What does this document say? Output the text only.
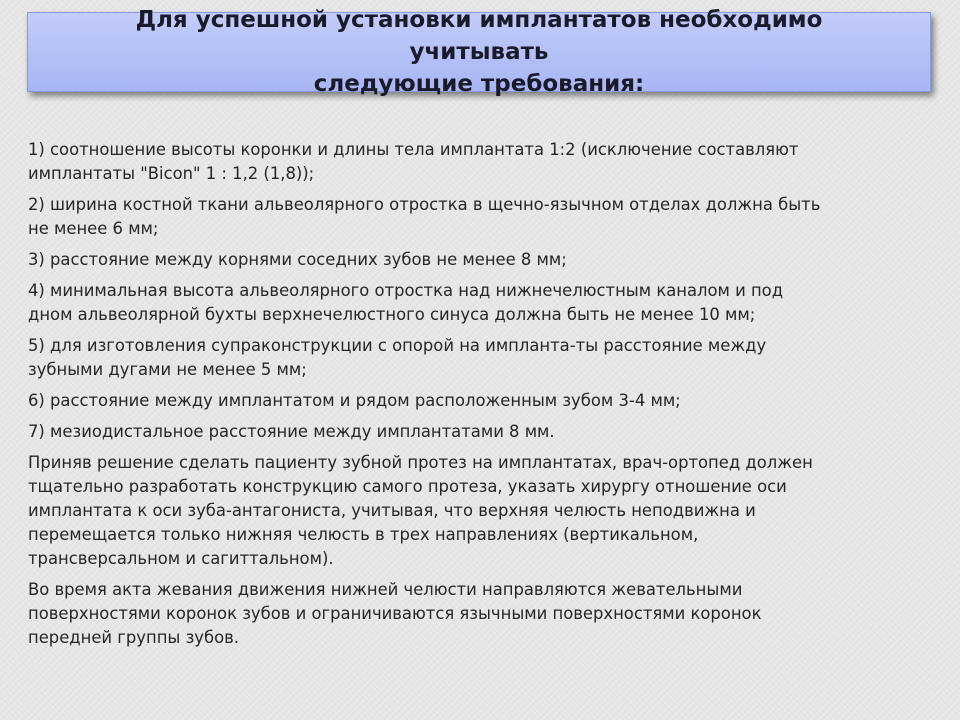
Для успешной установки имплантатов необходимо учитывать
следующие требования:

1) соотношение высоты коронки и длины тела имплантата 1:2 (исключение составляют
имплантаты "Bicon" 1 : 1,2 (1,8));

2) ширина костной ткани альвеолярного отростка в щечно-язычном отделах должна быть
не менее 6 мм;

3) расстояние между корнями соседних зубов не менее 8 мм;

4) минимальная высота альвеолярного отростка над нижнечелюстным каналом и под
дном альвеолярной бухты верхнечелюстного синуса должна быть не менее 10 мм;

5) для изготовления супраконструкции с опорой на импланта-ты расстояние между
зубными дугами не менее 5 мм;

6) расстояние между имплантатом и рядом расположенным зубом 3-4 мм;

7) мезиодистальное расстояние между имплантатами 8 мм.

Приняв решение сделать пациенту зубной протез на имплантатах, врач-ортопед должен
тщательно разработать конструкцию самого протеза, указать хирургу отношение оси
имплантата к оси зуба-антагониста, учитывая, что верхняя челюсть неподвижна и
перемещается только нижняя челюсть в трех направлениях (вертикальном,
трансверсальном и сагиттальном).

Во время акта жевания движения нижней челюсти направляются жевательными
поверхностями коронок зубов и ограничиваются язычными поверхностями коронок
передней группы зубов.
